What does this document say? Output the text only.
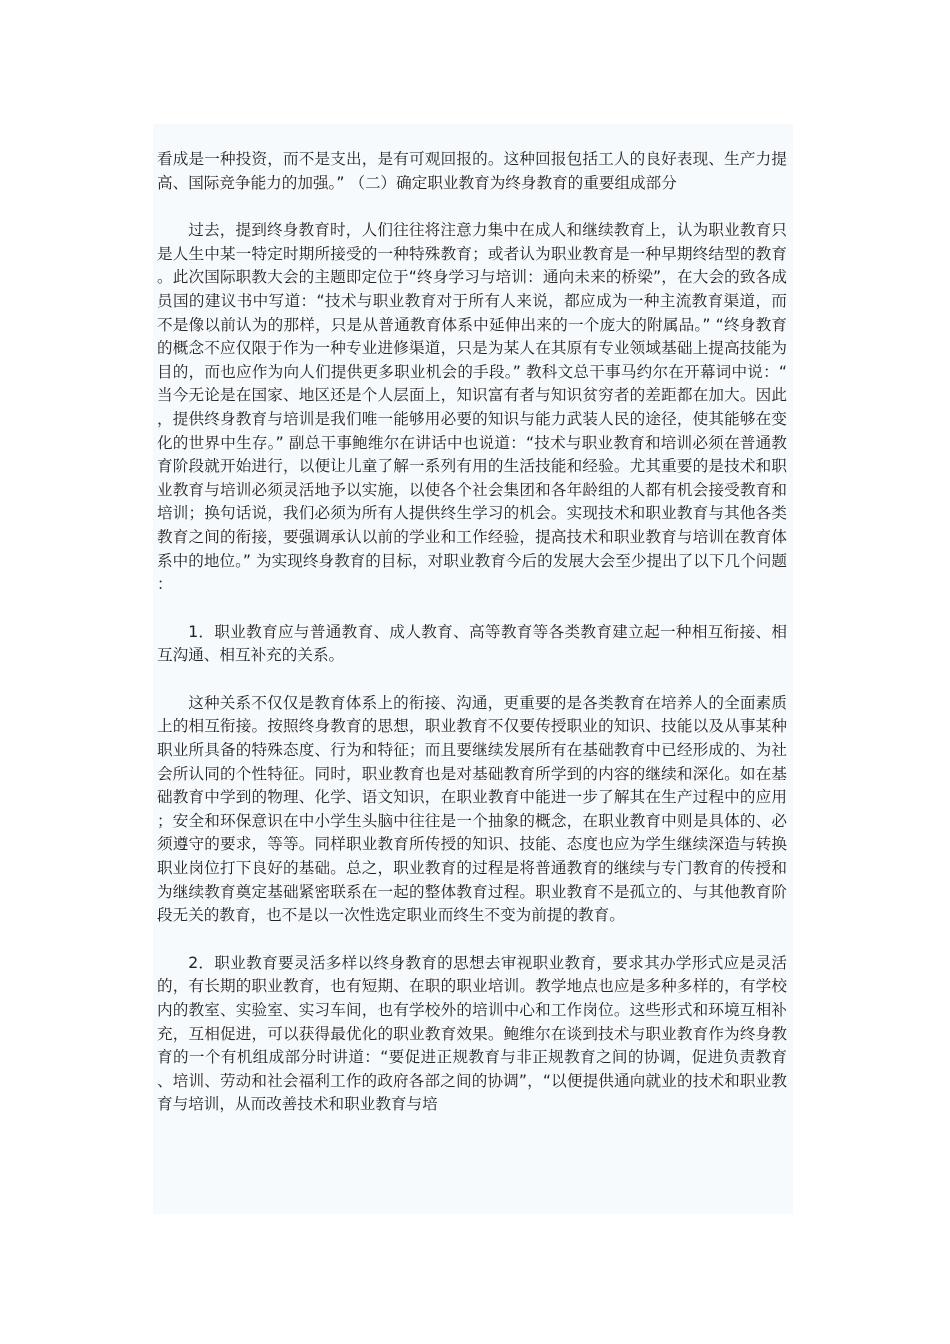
看成是一种投资，而不是支出，是有可观回报的。这种回报包括工人的良好表现、生产力提高、国际竞争能力的加强。” （二）确定职业教育为终身教育的重要组成部分

过去，提到终身教育时，人们往往将注意力集中在成人和继续教育上，认为职业教育只是人生中某一特定时期所接受的一种特殊教育；或者认为职业教育是一种早期终结型的教育。此次国际职教大会的主题即定位于“终身学习与培训：通向未来的桥梁”，在大会的致各成员国的建议书中写道：“技术与职业教育对于所有人来说，都应成为一种主流教育渠道，而不是像以前认为的那样，只是从普通教育体系中延伸出来的一个庞大的附属品。” “终身教育的概念不应仅限于作为一种专业进修渠道，只是为某人在其原有专业领域基础上提高技能为目的，而也应作为向人们提供更多职业机会的手段。” 教科文总干事马约尔在开幕词中说：“当今无论是在国家、地区还是个人层面上，知识富有者与知识贫穷者的差距都在加大。因此，提供终身教育与培训是我们唯一能够用必要的知识与能力武装人民的途径，使其能够在变化的世界中生存。” 副总干事鲍维尔在讲话中也说道：“技术与职业教育和培训必须在普通教育阶段就开始进行，以便让儿童了解一系列有用的生活技能和经验。尤其重要的是技术和职业教育与培训必须灵活地予以实施，以使各个社会集团和各年龄组的人都有机会接受教育和培训；换句话说，我们必须为所有人提供终生学习的机会。实现技术和职业教育与其他各类教育之间的衔接，要强调承认以前的学业和工作经验，提高技术和职业教育与培训在教育体系中的地位。” 为实现终身教育的目标，对职业教育今后的发展大会至少提出了以下几个问题：

1．职业教育应与普通教育、成人教育、高等教育等各类教育建立起一种相互衔接、相互沟通、相互补充的关系。

这种关系不仅仅是教育体系上的衔接、沟通，更重要的是各类教育在培养人的全面素质上的相互衔接。按照终身教育的思想，职业教育不仅要传授职业的知识、技能以及从事某种职业所具备的特殊态度、行为和特征；而且要继续发展所有在基础教育中已经形成的、为社会所认同的个性特征。同时，职业教育也是对基础教育所学到的内容的继续和深化。如在基础教育中学到的物理、化学、语文知识，在职业教育中能进一步了解其在生产过程中的应用；安全和环保意识在中小学生头脑中往往是一个抽象的概念，在职业教育中则是具体的、必须遵守的要求，等等。同样职业教育所传授的知识、技能、态度也应为学生继续深造与转换职业岗位打下良好的基础。总之，职业教育的过程是将普通教育的继续与专门教育的传授和为继续教育奠定基础紧密联系在一起的整体教育过程。职业教育不是孤立的、与其他教育阶段无关的教育，也不是以一次性选定职业而终生不变为前提的教育。

2．职业教育要灵活多样以终身教育的思想去审视职业教育，要求其办学形式应是灵活的，有长期的职业教育，也有短期、在职的职业培训。教学地点也应是多种多样的，有学校内的教室、实验室、实习车间，也有学校外的培训中心和工作岗位。这些形式和环境互相补充，互相促进，可以获得最优化的职业教育效果。鲍维尔在谈到技术与职业教育作为终身教育的一个有机组成部分时讲道：“要促进正规教育与非正规教育之间的协调，促进负责教育、培训、劳动和社会福利工作的政府各部之间的协调”，“以便提供通向就业的技术和职业教育与培训，从而改善技术和职业教育与培
